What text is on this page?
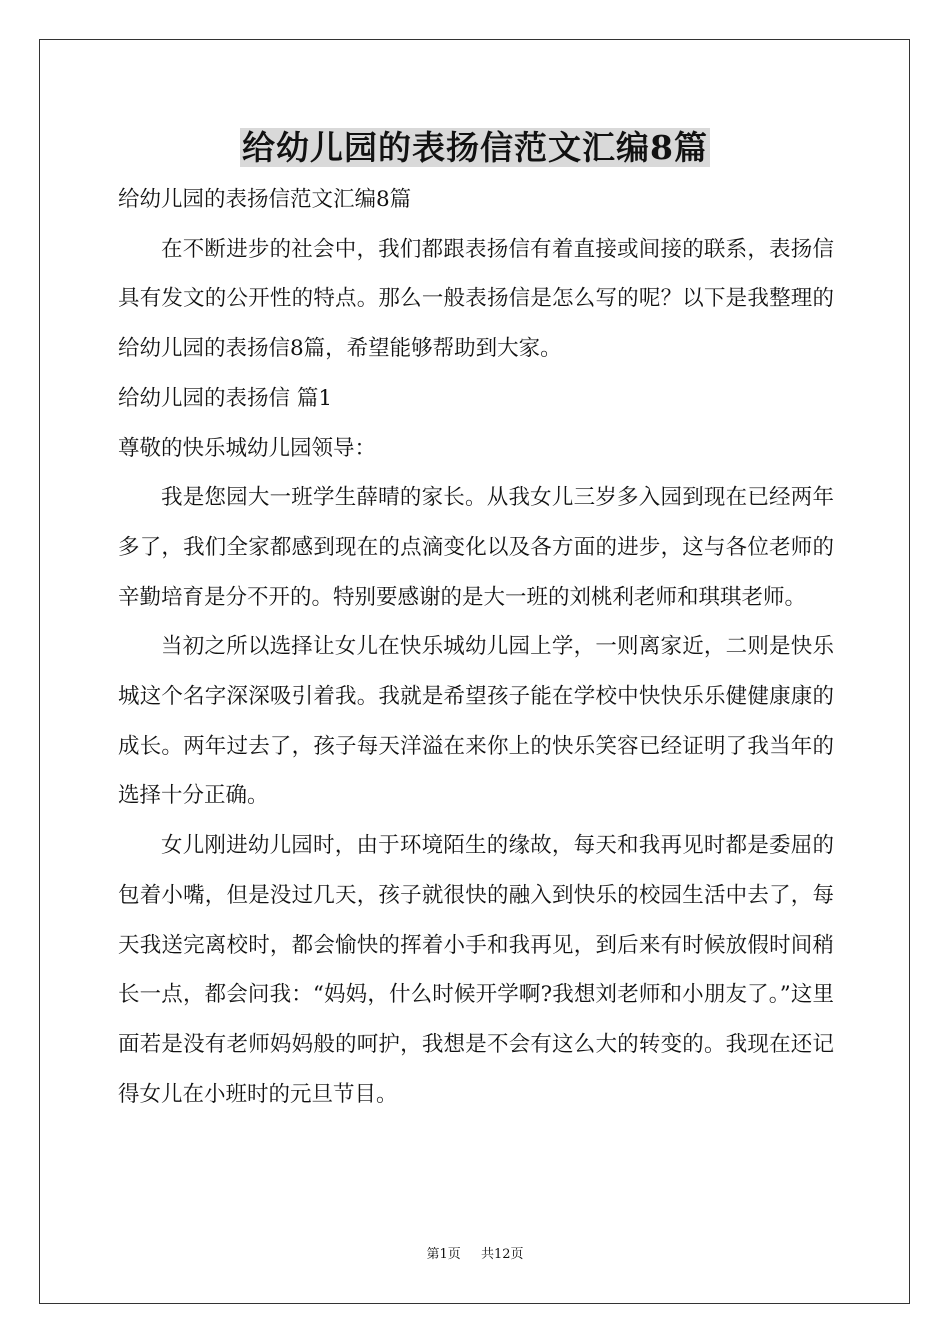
给幼儿园的表扬信范文汇编8篇

给幼儿园的表扬信范文汇编8篇

在不断进步的社会中，我们都跟表扬信有着直接或间接的联系，表扬信具有发文的公开性的特点。那么一般表扬信是怎么写的呢？以下是我整理的给幼儿园的表扬信8篇，希望能够帮助到大家。

给幼儿园的表扬信 篇1

尊敬的快乐城幼儿园领导：

我是您园大一班学生薛晴的家长。从我女儿三岁多入园到现在已经两年多了，我们全家都感到现在的点滴变化以及各方面的进步，这与各位老师的辛勤培育是分不开的。特别要感谢的是大一班的刘桃利老师和琪琪老师。

当初之所以选择让女儿在快乐城幼儿园上学，一则离家近，二则是快乐城这个名字深深吸引着我。我就是希望孩子能在学校中快快乐乐健健康康的成长。两年过去了，孩子每天洋溢在来你上的快乐笑容已经证明了我当年的选择十分正确。

女儿刚进幼儿园时，由于环境陌生的缘故，每天和我再见时都是委屈的包着小嘴，但是没过几天，孩子就很快的融入到快乐的校园生活中去了，每天我送完离校时，都会愉快的挥着小手和我再见，到后来有时候放假时间稍长一点，都会问我：“妈妈，什么时候开学啊?我想刘老师和小朋友了。”这里面若是没有老师妈妈般的呵护，我想是不会有这么大的转变的。我现在还记得女儿在小班时的元旦节目。

第1页 共12页
